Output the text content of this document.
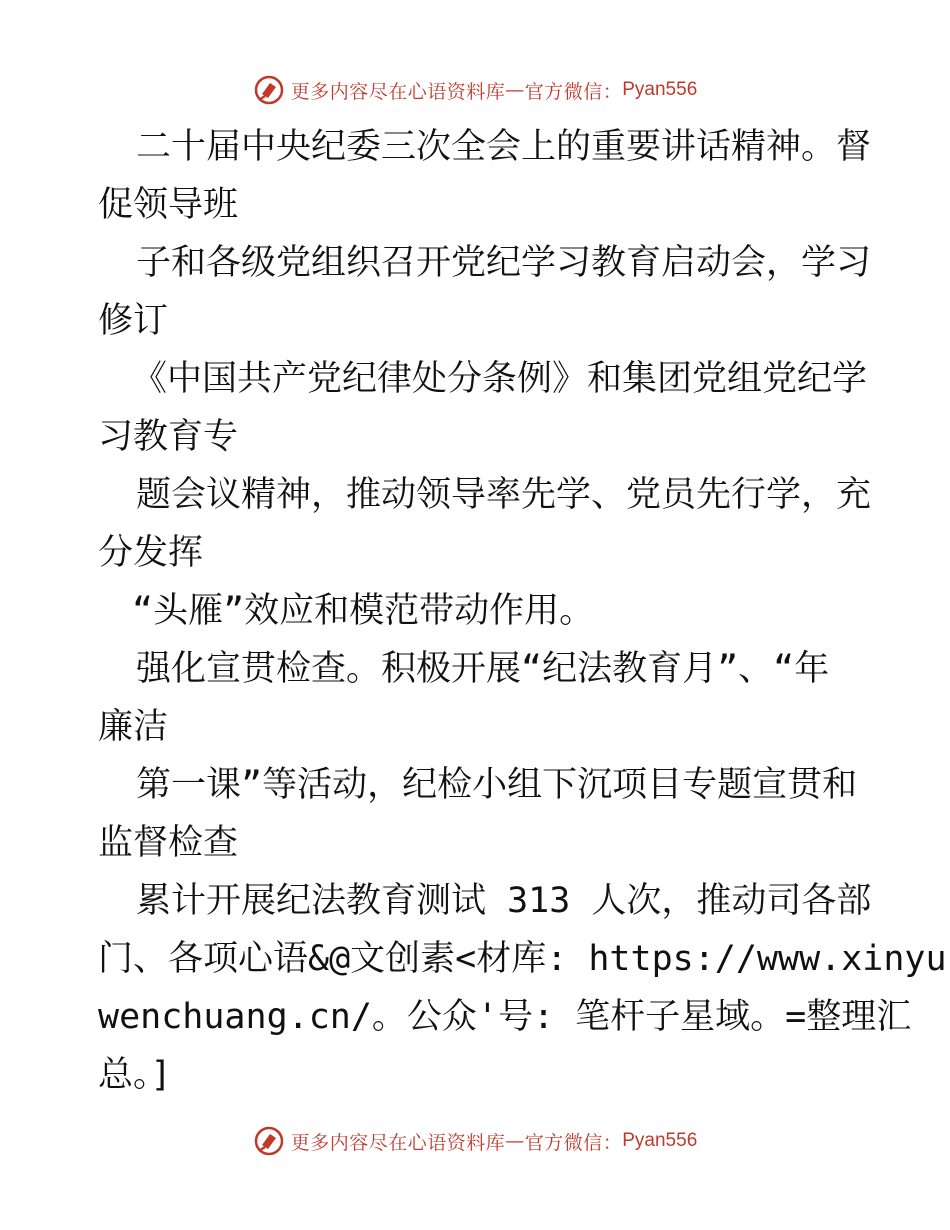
更多内容尽在心语资料库 — 官方微信： Pyan556

二十届中央纪委三次全会上的重要讲话精神。督

促领导班

子和各级党组织召开党纪学习教育启动会，学习

修订

《中国共产党纪律处分条例》和集团党组党纪学

习教育专

题会议精神，推动领导率先学、党员先行学，充

分发挥

“头雁”效应和模范带动作用。

强化宣贯检查。积极开展“纪法教育月”、“年

廉洁

第一课”等活动，纪检小组下沉项目专题宣贯和

监督检查

累计开展纪法教育测试 313 人次，推动司各部

门、各项心语&@文创素<材库: https://www.xinyu

wenchuang.cn/。公众'号: 笔杆子星域。=整理汇

总。]

更多内容尽在心语资料库 — 官方微信： Pyan556
